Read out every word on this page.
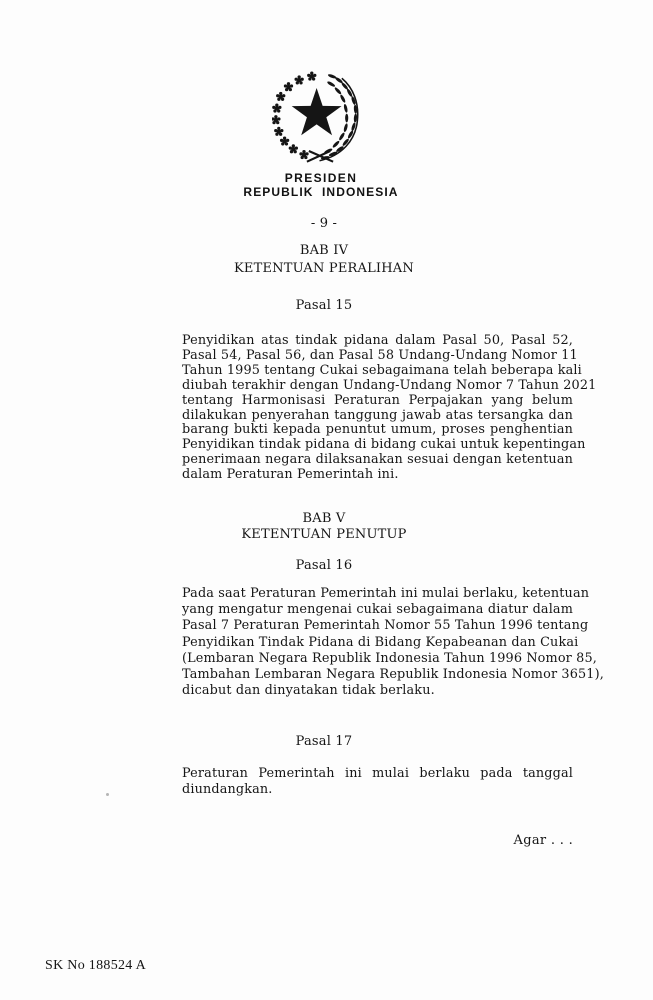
PRESIDEN
REPUBLIK INDONESIA
- 9 -
BAB IV
KETENTUAN PERALIHAN
Pasal 15
Penyidikan atas tindak pidana dalam Pasal 50, Pasal 52,
Pasal 54, Pasal 56, dan Pasal 58 Undang-Undang Nomor 11
Tahun 1995 tentang Cukai sebagaimana telah beberapa kali
diubah terakhir dengan Undang-Undang Nomor 7 Tahun 2021
tentang Harmonisasi Peraturan Perpajakan yang belum
dilakukan penyerahan tanggung jawab atas tersangka dan
barang bukti kepada penuntut umum, proses penghentian
Penyidikan tindak pidana di bidang cukai untuk kepentingan
penerimaan negara dilaksanakan sesuai dengan ketentuan
dalam Peraturan Pemerintah ini.
BAB V
KETENTUAN PENUTUP
Pasal 16
Pada saat Peraturan Pemerintah ini mulai berlaku, ketentuan
yang mengatur mengenai cukai sebagaimana diatur dalam
Pasal 7 Peraturan Pemerintah Nomor 55 Tahun 1996 tentang
Penyidikan Tindak Pidana di Bidang Kepabeanan dan Cukai
(Lembaran Negara Republik Indonesia Tahun 1996 Nomor 85,
Tambahan Lembaran Negara Republik Indonesia Nomor 3651),
dicabut dan dinyatakan tidak berlaku.
Pasal 17
Peraturan Pemerintah ini mulai berlaku pada tanggal
diundangkan.
Agar . . .
SK No 188524 A
